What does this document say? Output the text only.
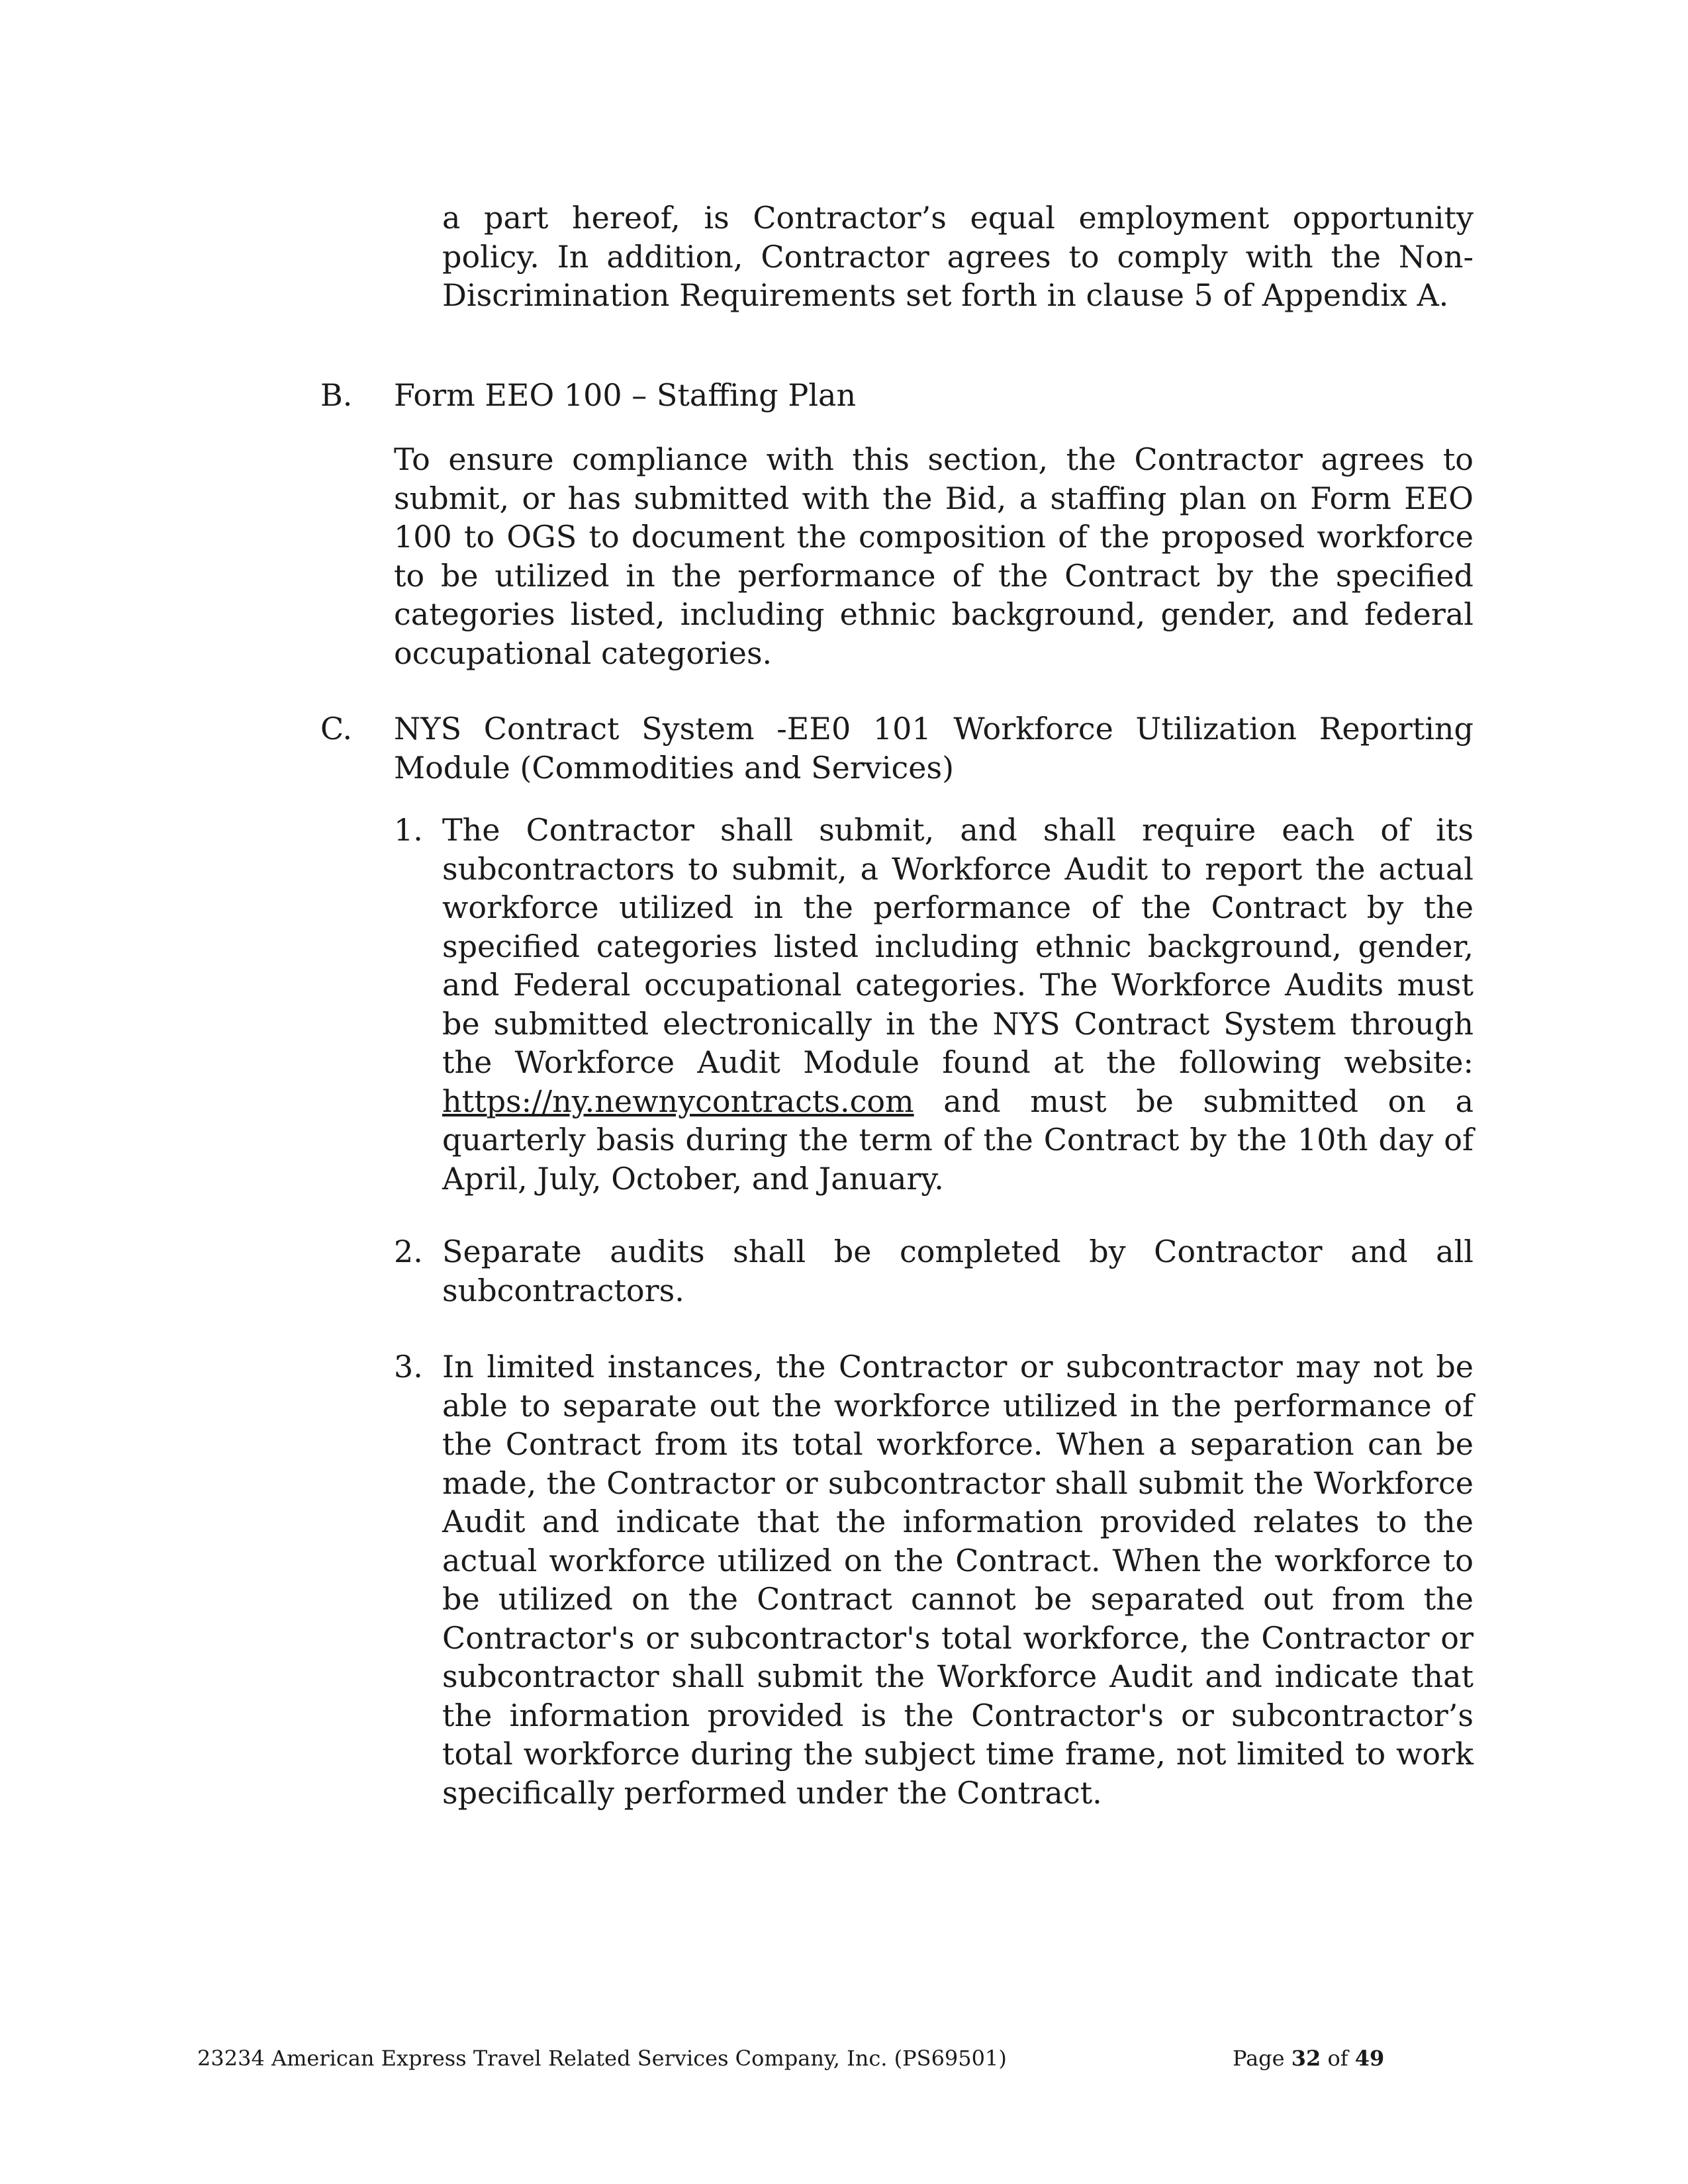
a part hereof, is Contractor’s equal employment opportunity policy. In addition, Contractor agrees to comply with the Non-Discrimination Requirements set forth in clause 5 of Appendix A.

B. Form EEO 100 – Staffing Plan

To ensure compliance with this section, the Contractor agrees to submit, or has submitted with the Bid, a staffing plan on Form EEO 100 to OGS to document the composition of the proposed workforce to be utilized in the performance of the Contract by the specified categories listed, including ethnic background, gender, and federal occupational categories.

C. NYS Contract System -EE0 101 Workforce Utilization Reporting Module (Commodities and Services)

1. The Contractor shall submit, and shall require each of its subcontractors to submit, a Workforce Audit to report the actual workforce utilized in the performance of the Contract by the specified categories listed including ethnic background, gender, and Federal occupational categories. The Workforce Audits must be submitted electronically in the NYS Contract System through the Workforce Audit Module found at the following website: https://ny.newnycontracts.com and must be submitted on a quarterly basis during the term of the Contract by the 10th day of April, July, October, and January.

2. Separate audits shall be completed by Contractor and all subcontractors.

3. In limited instances, the Contractor or subcontractor may not be able to separate out the workforce utilized in the performance of the Contract from its total workforce. When a separation can be made, the Contractor or subcontractor shall submit the Workforce Audit and indicate that the information provided relates to the actual workforce utilized on the Contract. When the workforce to be utilized on the Contract cannot be separated out from the Contractor's or subcontractor's total workforce, the Contractor or subcontractor shall submit the Workforce Audit and indicate that the information provided is the Contractor's or subcontractor’s total workforce during the subject time frame, not limited to work specifically performed under the Contract.

23234 American Express Travel Related Services Company, Inc. (PS69501)	Page 32 of 49
